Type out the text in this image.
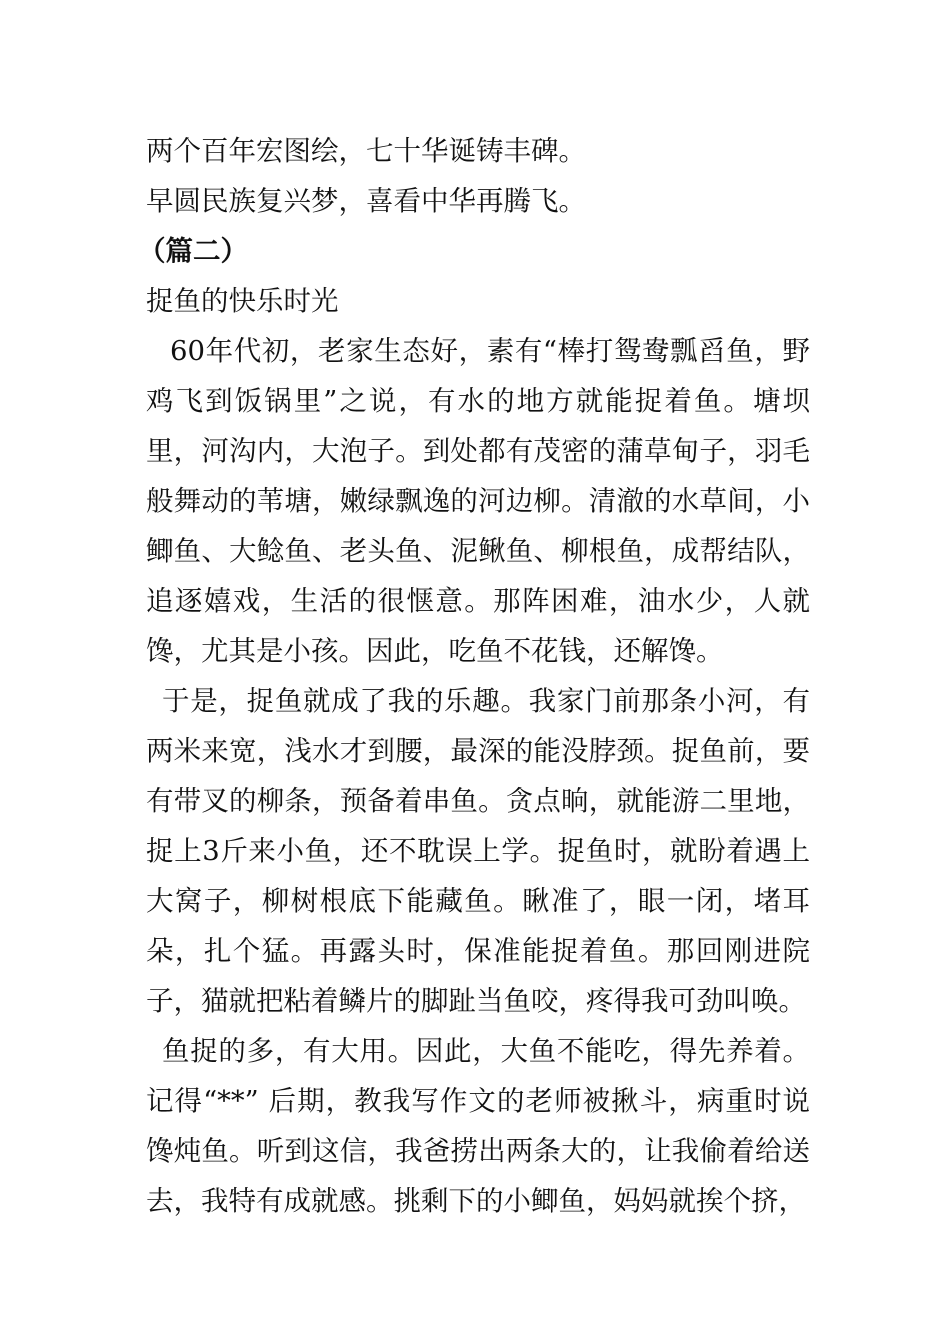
两个百年宏图绘，七十华诞铸丰碑。
早圆民族复兴梦，喜看中华再腾飞。
（篇二）
捉鱼的快乐时光

60年代初，老家生态好，素有“棒打鸳鸯瓢舀鱼，野鸡飞到饭锅里”之说，有水的地方就能捉着鱼。塘坝里，河沟内，大泡子。到处都有茂密的蒲草甸子，羽毛般舞动的苇塘，嫩绿飘逸的河边柳。清澈的水草间，小鲫鱼、大鲶鱼、老头鱼、泥鳅鱼、柳根鱼，成帮结队，追逐嬉戏，生活的很惬意。那阵困难，油水少，人就馋，尤其是小孩。因此，吃鱼不花钱，还解馋。

于是，捉鱼就成了我的乐趣。我家门前那条小河，有两米来宽，浅水才到腰，最深的能没脖颈。捉鱼前，要有带叉的柳条，预备着串鱼。贪点晌，就能游二里地，捉上3斤来小鱼，还不耽误上学。捉鱼时，就盼着遇上大窝子，柳树根底下能藏鱼。瞅准了，眼一闭，堵耳朵，扎个猛。再露头时，保准能捉着鱼。那回刚进院子，猫就把粘着鳞片的脚趾当鱼咬，疼得我可劲叫唤。

鱼捉的多，有大用。因此，大鱼不能吃，得先养着。记得“**” 后期，教我写作文的老师被揪斗，病重时说馋炖鱼。听到这信，我爸捞出两条大的，让我偷着给送去，我特有成就感。挑剩下的小鲫鱼，妈妈就挨个挤，
